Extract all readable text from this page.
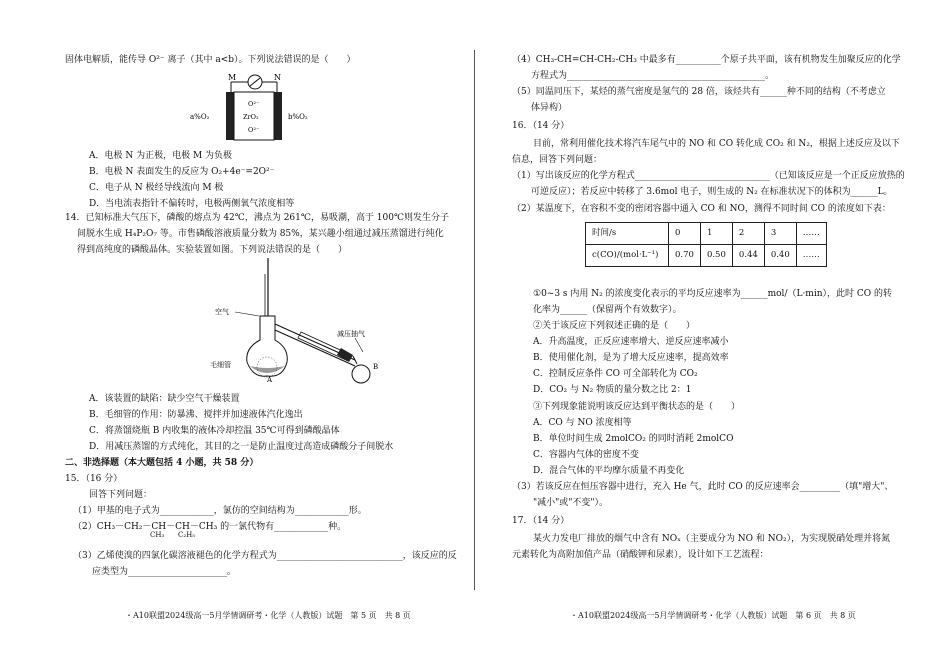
固体电解质，能传导 O²⁻ 离子（其中 a<b）。下列说法错误的是（　　）
M	N
O²⁻
ZrO₂
O²⁻
a%O₂	b%O₂
A．电极 N 为正极，电极 M 为负极
B．电极 N 表面发生的反应为 O₂+4e⁻=2O²⁻
C．电子从 N 极经导线流向 M 极
D．当电流表指针不偏转时，电极两侧氧气浓度相等
14．已知标准大气压下，磷酸的熔点为 42℃，沸点为 261℃，易吸潮，高于 100℃则发生分子
间脱水生成 H₄P₂O₇ 等。市售磷酸溶液质量分数为 85%，某兴趣小组通过减压蒸馏进行纯化
得到高纯度的磷酸晶体。实验装置如图。下列说法错误的是（　　）
空气
毛细管
A
减压抽气
B
A．该装置的缺陷：缺少空气干燥装置
B．毛细管的作用：防暴沸、搅拌并加速液体汽化逸出
C．将蒸馏烧瓶 B 内收集的液体冷却控温 35℃可得到磷酸晶体
D．用减压蒸馏的方式纯化，其目的之一是防止温度过高造成磷酸分子间脱水
二、非选择题（本大题包括 4 小题，共 58 分）
15．（16 分）
回答下列问题：
（1）甲基的电子式为____________，氯仿的空间结构为____________形。
（2）CH₃－CH₂－CH－CH－CH₃ 的一氯代物有____________种。
CH₃ C₂H₅
（3）乙烯使溴的四氯化碳溶液褪色的化学方程式为____________________________，该反应的反
应类型为______________________。
・A10联盟2024级高一5月学情调研考・化学（人教版）试题　第 5 页　共 8 页
（4）CH₃-CH=CH-CH₂-CH₃ 中最多有__________个原子共平面，该有机物发生加聚反应的化学
方程式为____________________________________________。
（5）同温同压下，某烃的蒸气密度是氢气的 28 倍，该烃共有______种不同的结构（不考虑立
体异构）
16．（14 分）
目前，常利用催化技术将汽车尾气中的 NO 和 CO 转化成 CO₂ 和 N₂，根据上述反应及以下
信息，回答下列问题：
（1）写出该反应的化学方程式______________________________（已知该反应是一个正反应放热的
可逆反应）；若反应中转移了 3.6mol 电子，则生成的 N₂ 在标准状况下的体积为______L。
（2）某温度下，在容积不变的密闭容器中通入 CO 和 NO，测得不同时间 CO 的浓度如下表：
时间/s	0	1	2	3	……
c(CO)/(mol·L⁻¹)	0.70	0.50	0.44	0.40	……
①0~3 s 内用 N₂ 的浓度变化表示的平均反应速率为______mol/（L·min），此时 CO 的转
化率为______（保留两个有效数字）。
②关于该反应下列叙述正确的是（　　）
A．升高温度，正反应速率增大、逆反应速率减小
B．使用催化剂，是为了增大反应速率，提高效率
C．控制反应条件 CO 可全部转化为 CO₂
D．CO₂ 与 N₂ 物质的量分数之比 2：1
③下列现象能说明该反应达到平衡状态的是（　　）
A．CO 与 NO 浓度相等
B．单位时间生成 2molCO₂ 的同时消耗 2molCO
C．容器内气体的密度不变
D．混合气体的平均摩尔质量不再变化
（3）若该反应在恒压容器中进行，充入 He 气，此时 CO 的反应速率会_________（填"增大"、
"减小"或"不变"）。
17．（14 分）
某火力发电厂排放的烟气中含有 NOₓ（主要成分为 NO 和 NO₂），为实现脱硝处理并将氮
元素转化为高附加值产品（硝酸钾和尿素），设计如下工艺流程：
・A10联盟2024级高一5月学情调研考・化学（人教版）试题　第 6 页　共 8 页
